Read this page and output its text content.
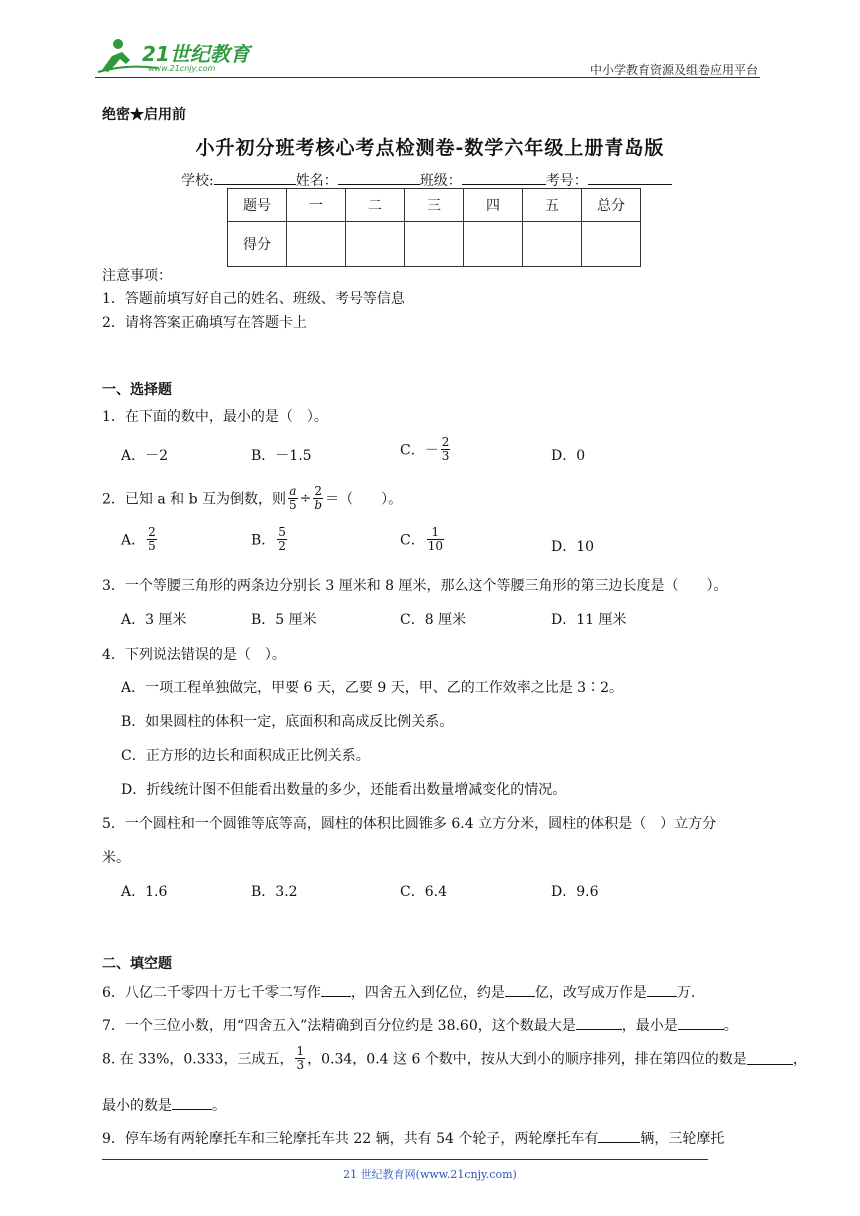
21世纪教育
www.21cnjy.com	中小学教育资源及组卷应用平台
绝密★启用前
小升初分班考核心考点检测卷-数学六年级上册青岛版
学校:	姓名：	班级：	考号：
题号	一	二	三	四	五	总分
得分						
注意事项：
1．答题前填写好自己的姓名、班级、考号等信息
2．请将答案正确填写在答题卡上
一、选择题
1．在下面的数中，最小的是（　）。
A．－2	B．－1.5	C．－ $\frac{2}{3}$	D．0
2．已知 a 和 b 互为倒数，则 $\frac{a}{5} \div \frac{2}{b}$ ＝（　　）。
A． $\frac{2}{5}$	B． $\frac{5}{2}$	C． $\frac{1}{10}$	D．10
3．一个等腰三角形的两条边分别长 3 厘米和 8 厘米，那么这个等腰三角形的第三边长度是（　　）。
A．3 厘米	B．5 厘米	C．8 厘米	D．11 厘米
4．下列说法错误的是（　）。
A．一项工程单独做完，甲要 6 天，乙要 9 天，甲、乙的工作效率之比是 3∶2。
B．如果圆柱的体积一定，底面积和高成反比例关系。
C．正方形的边长和面积成正比例关系。
D．折线统计图不但能看出数量的多少，还能看出数量增减变化的情况。
5．一个圆柱和一个圆锥等底等高，圆柱的体积比圆锥多 6.4 立方分米，圆柱的体积是（　）立方分
米。
A．1.6	B．3.2	C．6.4	D．9.6
二、填空题
6．八亿二千零四十万七千零二写作 ，四舍五入到亿位，约是 亿，改写成万作是 万.
7．一个三位小数，用“四舍五入”法精确到百分位约是 38.60，这个数最大是	，最小是	。
8. 在 33%，0.333，三成五， $\frac{1}{3}$ ，0.34，0.4 这 6 个数中，按从大到小的顺序排列，排在第四位的数是	，
最小的数是	。
9．停车场有两轮摩托车和三轮摩托车共 22 辆，共有 54 个轮子，两轮摩托车有	辆，三轮摩托
21 世纪教育网(www.21cnjy.com)
